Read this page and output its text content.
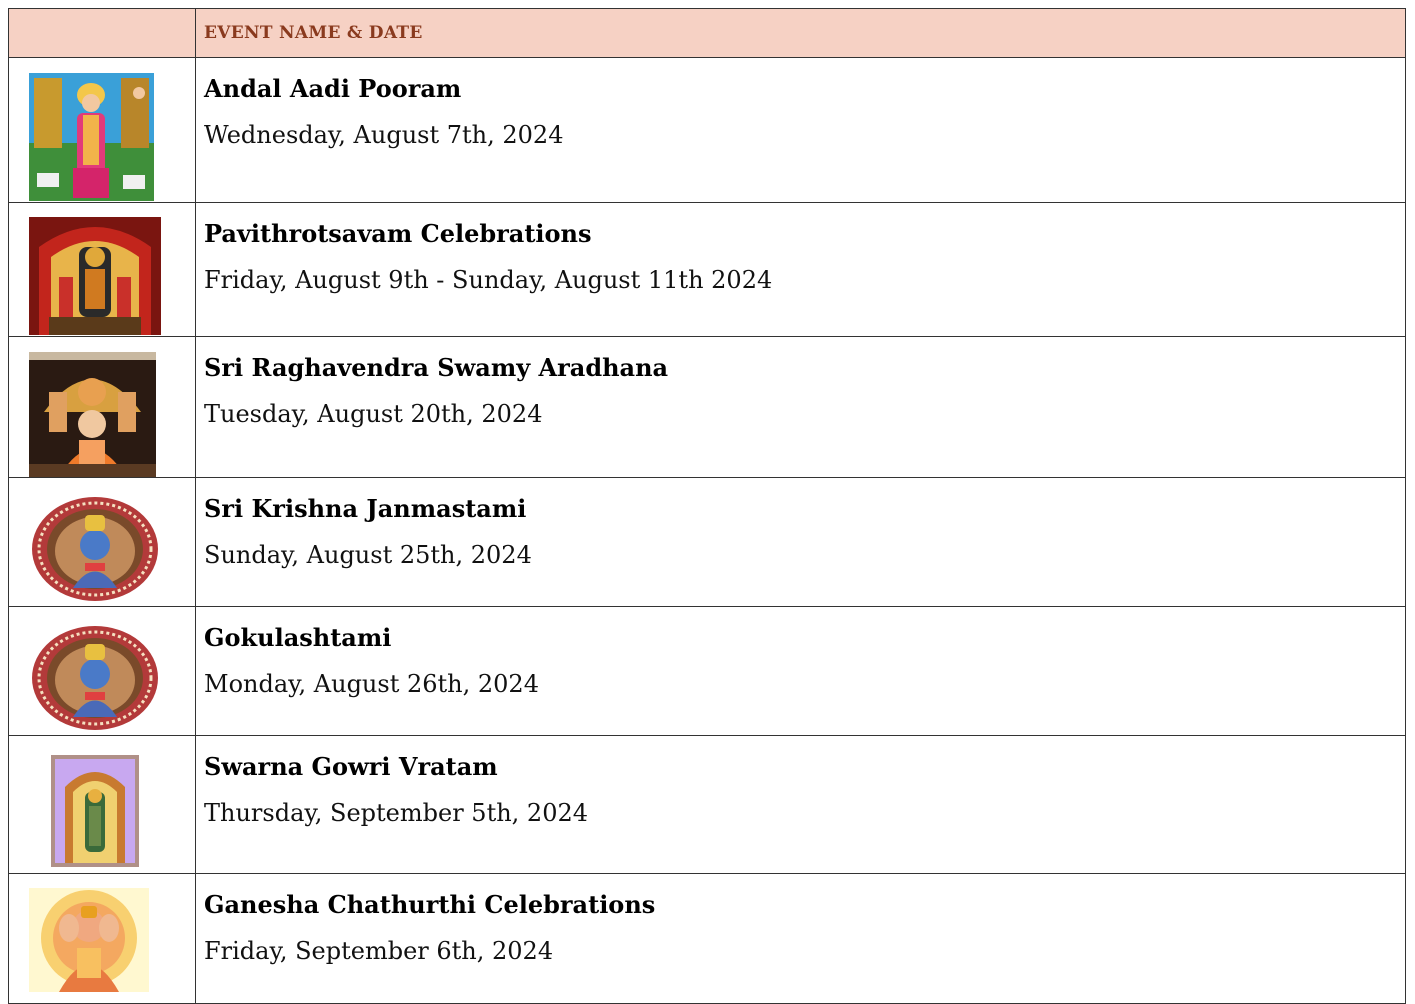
	EVENT NAME & DATE

Andal Aadi Pooram
Wednesday, August 7th, 2024

Pavithrotsavam Celebrations
Friday, August 9th - Sunday, August 11th 2024

Sri Raghavendra Swamy Aradhana
Tuesday, August 20th, 2024

Sri Krishna Janmastami
Sunday, August 25th, 2024

Gokulashtami
Monday, August 26th, 2024

Swarna Gowri Vratam
Thursday, September 5th, 2024

Ganesha Chathurthi Celebrations
Friday, September 6th, 2024
